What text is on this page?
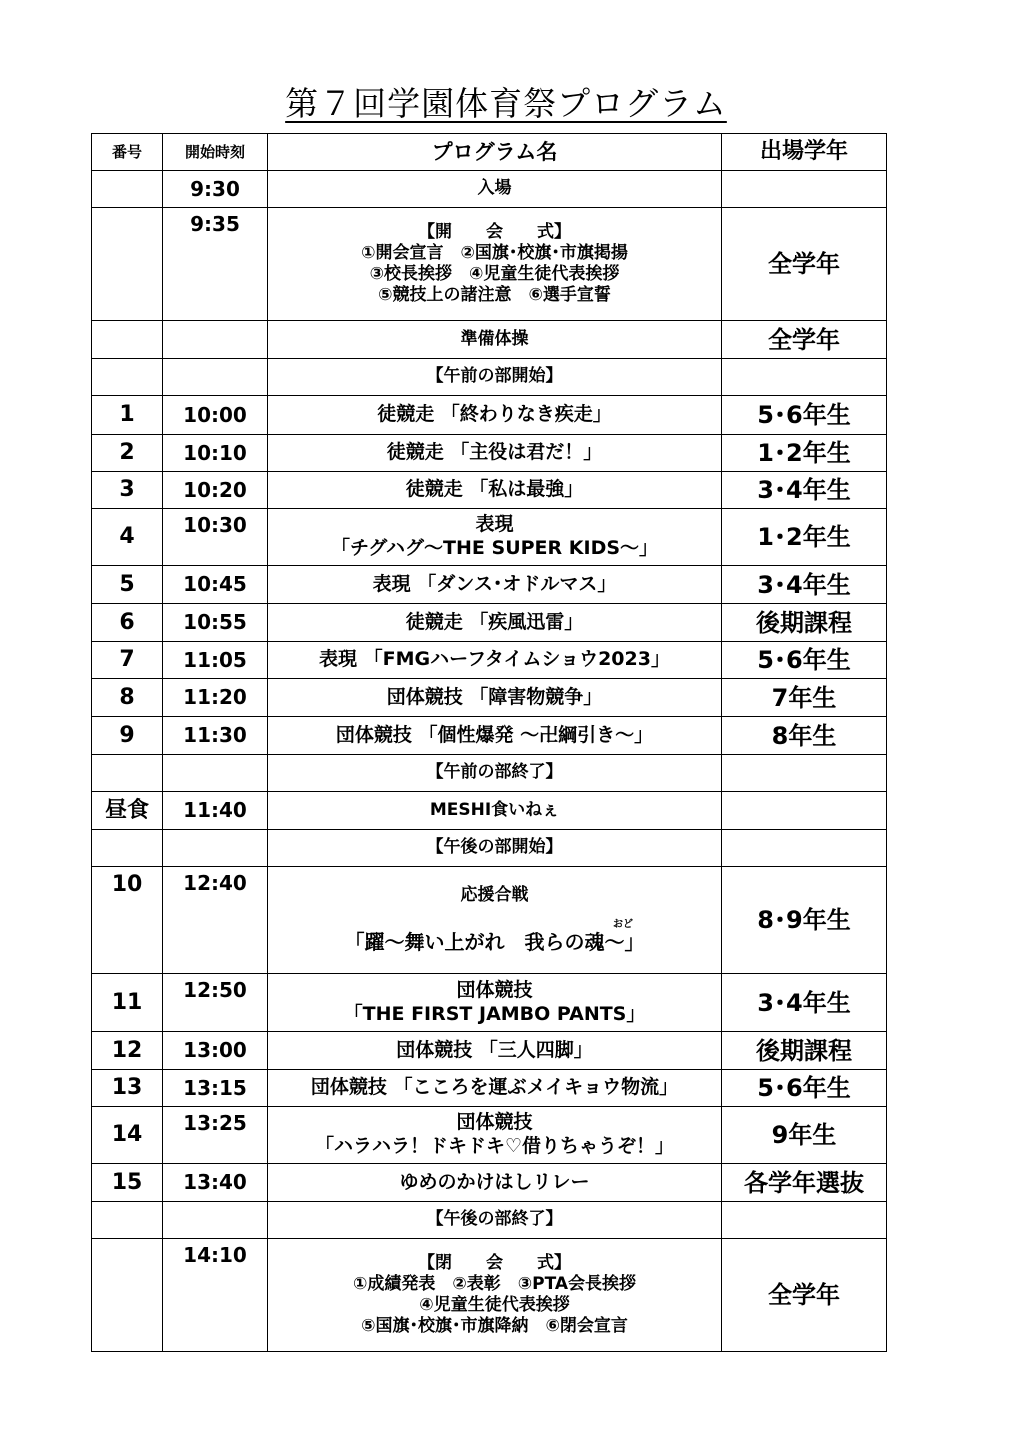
第７回学園体育祭プログラム
番号	開始時刻	プログラム名	出場学年
	9:30	入場	

	9:35	【開　　会　　式】
①開会宣言　②国旗･校旗･市旗掲揚
③校長挨拶　④児童生徒代表挨拶
⑤競技上の諸注意　⑥選手宣誓	全学年

		準備体操	全学年

		【午前の部開始】	

1	10:00	徒競走 「終わりなき疾走」	5･6年生
2	10:10	徒競走 「主役は君だ！」	1･2年生
3	10:20	徒競走 「私は最強」	3･4年生
4	10:30	表現
「チグハグ～THE SUPER KIDS～」	1･2年生
5	10:45	表現 「ダンス･オドルマス」	3･4年生
6	10:55	徒競走 「疾風迅雷」	後期課程
7	11:05	表現 「FMGハーフタイムショウ2023」	5･6年生
8	11:20	団体競技 「障害物競争」	7年生
9	11:30	団体競技 「個性爆発 ～卍綱引き～」	8年生

		【午前の部終了】	

昼食	11:40	MESHI食いねぇ	

		【午後の部開始】	

10	12:40	応援合戦
おど
「躍～舞い上がれ　我らの魂～」	8･9年生
11	12:50	団体競技
「THE FIRST JAMBO PANTS」	3･4年生
12	13:00	団体競技 「三人四脚」	後期課程
13	13:15	団体競技 「こころを運ぶメイキョウ物流」	5･6年生
14	13:25	団体競技
「ハラハラ！ドキドキ♡借りちゃうぞ！」	9年生
15	13:40	ゆめのかけはしリレー	各学年選抜

		【午後の部終了】	

	14:10	【閉　　会　　式】
①成績発表　②表彰　③PTA会長挨拶
④児童生徒代表挨拶
⑤国旗･校旗･市旗降納　⑥閉会宣言	全学年
